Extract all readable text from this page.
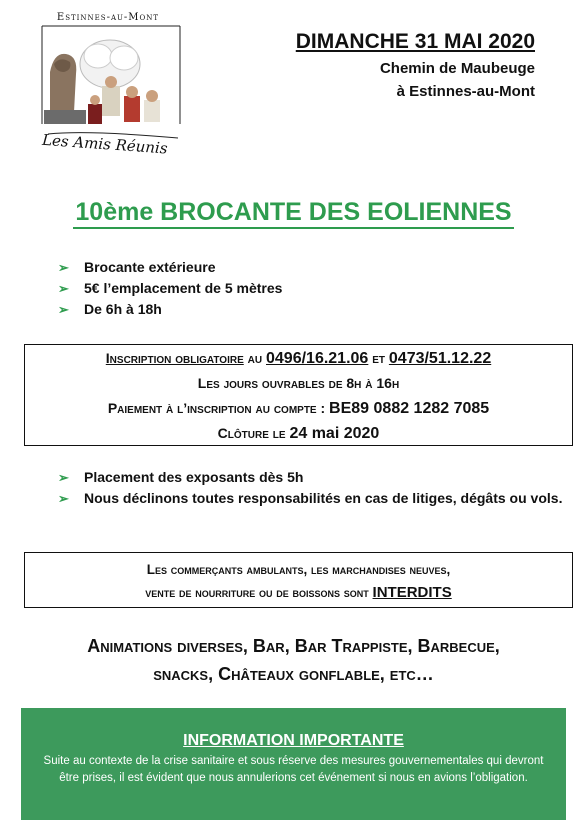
Estinnes-au-Mont
Les Amis Réunis
DIMANCHE 31 MAI 2020
Chemin de Maubeuge
à Estinnes-au-Mont
10ème BROCANTE DES EOLIENNES
➢ Brocante extérieure
➢ 5€ l’emplacement de 5 mètres
➢ De 6h à 18h
Inscription obligatoire au 0496/16.21.06 et 0473/51.12.22
Les jours ouvrables de 8h à 16h
Paiement à l’inscription au compte : BE89 0882 1282 7085
Clôture le 24 mai 2020
➢ Placement des exposants dès 5h
➢ Nous déclinons toutes responsabilités en cas de litiges, dégâts ou vols.
Les commerçants ambulants, les marchandises neuves,
vente de nourriture ou de boissons sont INTERDITS
Animations diverses, Bar, Bar Trappiste, Barbecue,
snacks, Châteaux gonflable, etc…
INFORMATION IMPORTANTE
Suite au contexte de la crise sanitaire et sous réserve des mesures gouvernementales qui devront être prises, il est évident que nous annulerions cet événement si nous en avions l’obligation.
